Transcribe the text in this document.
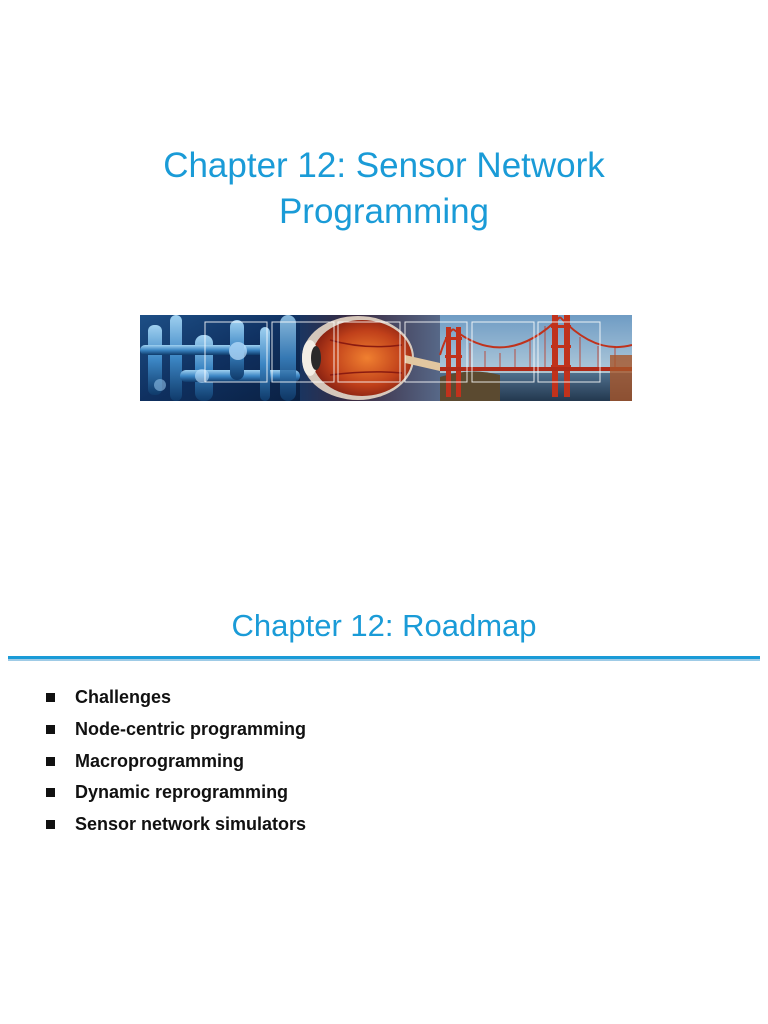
Chapter 12: Sensor Network
Programming
Chapter 12: Roadmap
Challenges
Node-centric programming
Macroprogramming
Dynamic reprogramming
Sensor network simulators
